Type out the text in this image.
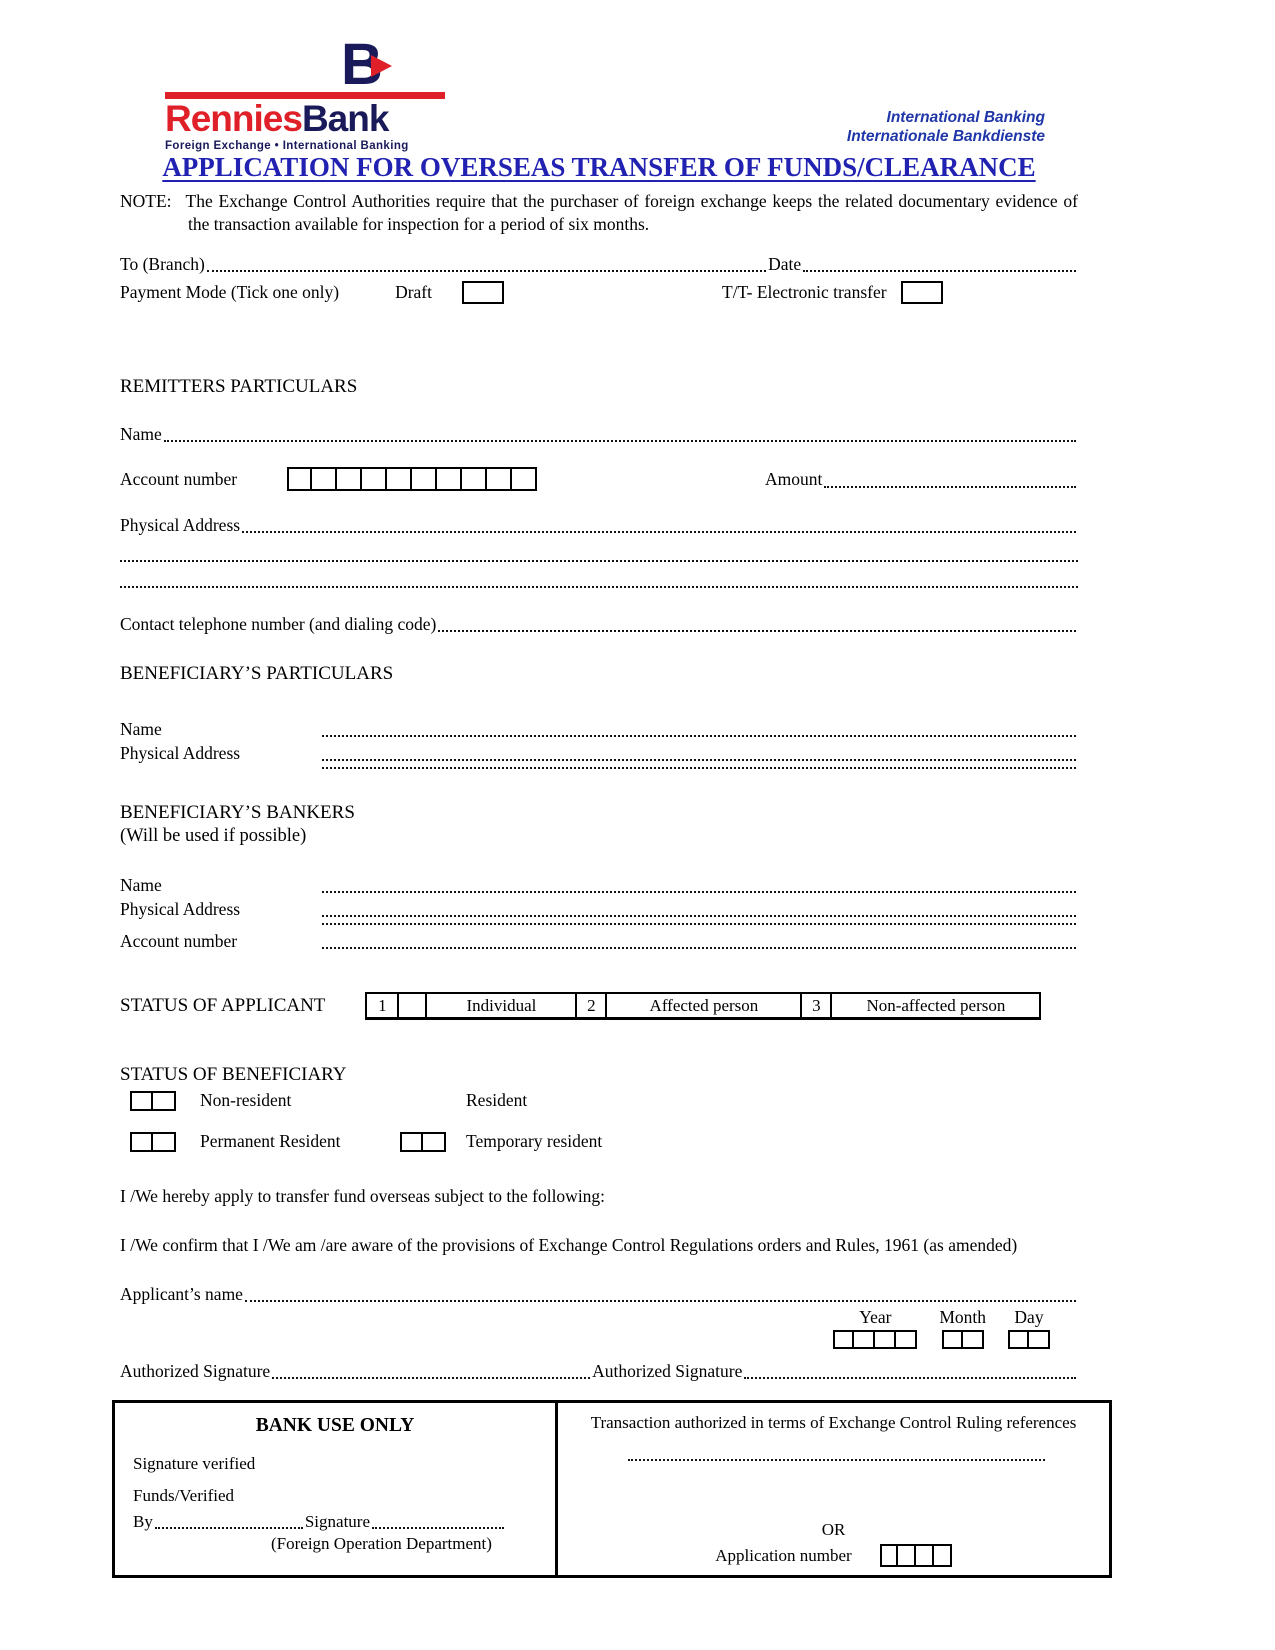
B
RenniesBank
Foreign Exchange • International Banking
International Banking
Internationale Bankdienste
APPLICATION FOR OVERSEAS TRANSFER OF FUNDS/CLEARANCE

NOTE: The Exchange Control Authorities require that the purchaser of foreign exchange keeps the related documentary evidence of the transaction available for inspection for a period of six months.

To (Branch)	Date
Payment Mode (Tick one only)	Draft	T/T- Electronic transfer
REMITTERS PARTICULARS
Name
Account number	Amount
Physical Address
Contact telephone number (and dialing code)
BENEFICIARY’S PARTICULARS
Name
Physical Address
BENEFICIARY’S BANKERS
(Will be used if possible)
Name
Physical Address
Account number
STATUS OF APPLICANT	1	Individual	2	Affected person	3	Non-affected person
STATUS OF BENEFICIARY
Non-resident	Resident
Permanent Resident	Temporary resident
I /We hereby apply to transfer fund overseas subject to the following:
I /We confirm that I /We am /are aware of the provisions of Exchange Control Regulations orders and Rules, 1961 (as amended)
Applicant’s name
Year	Month Day
Authorized Signature	Authorized Signature
BANK USE ONLY
Signature verified
Funds/Verified
By	Signature
(Foreign Operation Department)
Transaction authorized in terms of Exchange Control Ruling references
OR
Application number
